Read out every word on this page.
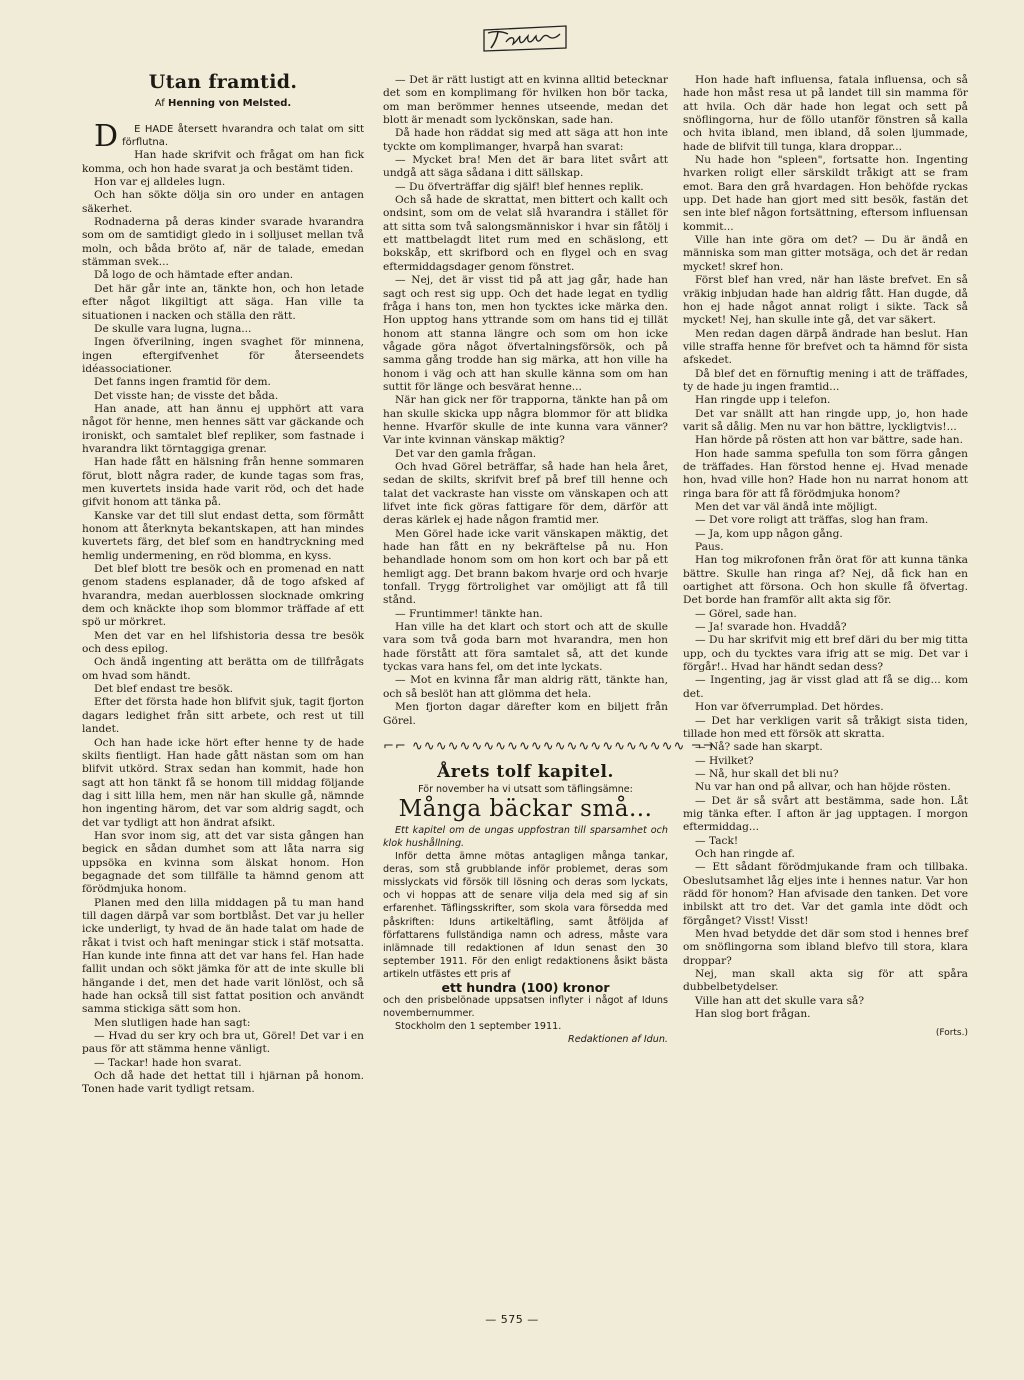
Utan framtid.
Af Henning von Melsted.

D E HADE återsett hvarandra och talat om sitt förflutna.

Han hade skrifvit och frågat om han fick komma, och hon hade svarat ja och bestämt tiden.

Hon var ej alldeles lugn.

Och han sökte dölja sin oro under en antagen säkerhet.

Rodnaderna på deras kinder svarade hvarandra som om de samtidigt gledo in i solljuset mellan två moln, och båda bröto af, när de talade, emedan stämman svek...

Då logo de och hämtade efter andan.

Det här går inte an, tänkte hon, och hon letade efter något likgiltigt att säga. Han ville ta situationen i nacken och ställa den rätt.

De skulle vara lugna, lugna...

Ingen öfverilning, ingen svaghet för minnena, ingen eftergifvenhet för återseendets idéassociationer.

Det fanns ingen framtid för dem.

Det visste han; de visste det båda.

Han anade, att han ännu ej upphört att vara något för henne, men hennes sätt var gäckande och ironiskt, och samtalet blef repliker, som fastnade i hvarandra likt törntaggiga grenar.

Han hade fått en hälsning från henne sommaren förut, blott några rader, de kunde tagas som fras, men kuvertets insida hade varit röd, och det hade gifvit honom att tänka på.

Kanske var det till slut endast detta, som förmått honom att återknyta bekantskapen, att han mindes kuvertets färg, det blef som en handtryckning med hemlig undermening, en röd blomma, en kyss.

Det blef blott tre besök och en promenad en natt genom stadens esplanader, då de togo afsked af hvarandra, medan auerblossen slocknade omkring dem och knäckte ihop som blommor träffade af ett spö ur mörkret.

Men det var en hel lifshistoria dessa tre besök och dess epilog.

Och ändå ingenting att berätta om de tillfrågats om hvad som händt.

Det blef endast tre besök.

Efter det första hade hon blifvit sjuk, tagit fjorton dagars ledighet från sitt arbete, och rest ut till landet.

Och han hade icke hört efter henne ty de hade skilts fientligt. Han hade gått nästan som om han blifvit utkörd. Strax sedan han kommit, hade hon sagt att hon tänkt få se honom till middag följande dag i sitt lilla hem, men när han skulle gå, nämnde hon ingenting härom, det var som aldrig sagdt, och det var tydligt att hon ändrat afsikt.

Han svor inom sig, att det var sista gången han begick en sådan dumhet som att låta narra sig uppsöka en kvinna som älskat honom. Hon begagnade det som tillfälle ta hämnd genom att förödmjuka honom.

Planen med den lilla middagen på tu man hand till dagen därpå var som bortblåst. Det var ju heller icke underligt, ty hvad de än hade talat om hade de råkat i tvist och haft meningar stick i stäf motsatta. Han kunde inte finna att det var hans fel. Han hade fallit undan och sökt jämka för att de inte skulle bli hängande i det, men det hade varit lönlöst, och så hade han också till sist fattat position och användt samma stickiga sätt som hon.

Men slutligen hade han sagt:

— Hvad du ser kry och bra ut, Görel! Det var i en paus för att stämma henne vänligt.

— Tackar! hade hon svarat.

Och då hade det hettat till i hjärnan på honom. Tonen hade varit tydligt retsam.

— Det är rätt lustigt att en kvinna alltid betecknar det som en komplimang för hvilken hon bör tacka, om man berömmer hennes utseende, medan det blott är menadt som lyckönskan, sade han.

Då hade hon räddat sig med att säga att hon inte tyckte om komplimanger, hvarpå han svarat:

— Mycket bra! Men det är bara litet svårt att undgå att säga sådana i ditt sällskap.

— Du öfverträffar dig själf! blef hennes replik.

Och så hade de skrattat, men bittert och kallt och ondsint, som om de velat slå hvarandra i stället för att sitta som två salongsmänniskor i hvar sin fåtölj i ett mattbelagdt litet rum med en schäslong, ett bokskåp, ett skrifbord och en flygel och en svag eftermiddagsdager genom fönstret.

— Nej, det är visst tid på att jag går, hade han sagt och rest sig upp. Och det hade legat en tydlig fråga i hans ton, men hon tycktes icke märka den. Hon upptog hans yttrande som om hans tid ej tillät honom att stanna längre och som om hon icke vågade göra något öfvertalningsförsök, och på samma gång trodde han sig märka, att hon ville ha honom i väg och att han skulle känna som om han suttit för länge och besvärat henne...

När han gick ner för trapporna, tänkte han på om han skulle skicka upp några blommor för att blidka henne. Hvarför skulle de inte kunna vara vänner? Var inte kvinnan vänskap mäktig?

Det var den gamla frågan.

Och hvad Görel beträffar, så hade han hela året, sedan de skilts, skrifvit bref på bref till henne och talat det vackraste han visste om vänskapen och att lifvet inte fick göras fattigare för dem, därför att deras kärlek ej hade någon framtid mer.

Men Görel hade icke varit vänskapen mäktig, det hade han fått en ny bekräftelse på nu. Hon behandlade honom som om hon kort och bar på ett hemligt agg. Det brann bakom hvarje ord och hvarje tonfall. Trygg förtrolighet var omöjligt att få till stånd.

— Fruntimmer! tänkte han.

Han ville ha det klart och stort och att de skulle vara som två goda barn mot hvarandra, men hon hade förstått att föra samtalet så, att det kunde tyckas vara hans fel, om det inte lyckats.

— Mot en kvinna får man aldrig rätt, tänkte han, och så beslöt han att glömma det hela.

Men fjorton dagar därefter kom en biljett från Görel.

⌐⌐ ∿∿∿∿∿∿∿∿∿∿∿∿∿∿∿∿∿∿∿∿∿∿∿ ¬¬
Årets tolf kapitel.
För november ha vi utsatt som täflingsämne:
Många bäckar små...

Ett kapitel om de ungas uppfostran till sparsamhet och klok hushållning.

Inför detta ämne mötas antagligen många tankar, deras, som stå grubblande inför problemet, deras som misslyckats vid försök till lösning och deras som lyckats, och vi hoppas att de senare vilja dela med sig af sin erfarenhet. Täflingsskrifter, som skola vara försedda med påskriften: Iduns artikeltäfling, samt åtföljda af författarens fullständiga namn och adress, måste vara inlämnade till redaktionen af Idun senast den 30 september 1911. För den enligt redaktionens åsikt bästa artikeln utfästes ett pris af

ett hundra (100) kronor

och den prisbelönade uppsatsen inflyter i något af Iduns novembernummer.

Stockholm den 1 september 1911.

Redaktionen af Idun.

Hon hade haft influensa, fatala influensa, och så hade hon måst resa ut på landet till sin mamma för att hvila. Och där hade hon legat och sett på snöflingorna, hur de föllo utanför fönstren så kalla och hvita ibland, men ibland, då solen ljummade, hade de blifvit till tunga, klara droppar...

Nu hade hon "spleen", fortsatte hon. Ingenting hvarken roligt eller särskildt tråkigt att se fram emot. Bara den grå hvardagen. Hon behöfde ryckas upp. Det hade han gjort med sitt besök, fastän det sen inte blef någon fortsättning, eftersom influensan kommit...

Ville han inte göra om det? — Du är ändå en människa som man gitter motsäga, och det är redan mycket! skref hon.

Först blef han vred, när han läste brefvet. En så vräkig inbjudan hade han aldrig fått. Han dugde, då hon ej hade något annat roligt i sikte. Tack så mycket! Nej, han skulle inte gå, det var säkert.

Men redan dagen därpå ändrade han beslut. Han ville straffa henne för brefvet och ta hämnd för sista afskedet.

Då blef det en förnuftig mening i att de träffades, ty de hade ju ingen framtid...

Han ringde upp i telefon.

Det var snällt att han ringde upp, jo, hon hade varit så dålig. Men nu var hon bättre, lyckligtvis!...

Han hörde på rösten att hon var bättre, sade han.

Hon hade samma spefulla ton som förra gången de träffades. Han förstod henne ej. Hvad menade hon, hvad ville hon? Hade hon nu narrat honom att ringa bara för att få förödmjuka honom?

Men det var väl ändå inte möjligt.

— Det vore roligt att träffas, slog han fram.

— Ja, kom upp någon gång.

Paus.

Han tog mikrofonen från örat för att kunna tänka bättre. Skulle han ringa af? Nej, då fick han en oartighet att försona. Och hon skulle få öfvertag. Det borde han framför allt akta sig för.

— Görel, sade han.

— Ja! svarade hon. Hvaddå?

— Du har skrifvit mig ett bref däri du ber mig titta upp, och du tycktes vara ifrig att se mig. Det var i förgår!.. Hvad har händt sedan dess?

— Ingenting, jag är visst glad att få se dig... kom det.

Hon var öfverrumplad. Det hördes.

— Det har verkligen varit så tråkigt sista tiden, tillade hon med ett försök att skratta.

— Nå? sade han skarpt.

— Hvilket?

— Nå, hur skall det bli nu?

Nu var han ond på allvar, och han höjde rösten.

— Det är så svårt att bestämma, sade hon. Låt mig tänka efter. I afton är jag upptagen. I morgon eftermiddag...

— Tack!

Och han ringde af.

— Ett sådant förödmjukande fram och tillbaka. Obeslutsamhet låg eljes inte i hennes natur. Var hon rädd för honom? Han afvisade den tanken. Det vore inbilskt att tro det. Var det gamla inte dödt och förgånget? Visst! Visst!

Men hvad betydde det där som stod i hennes bref om snöflingorna som ibland blefvo till stora, klara droppar?

Nej, man skall akta sig för att spåra dubbelbetydelser.

Ville han att det skulle vara så?

Han slog bort frågan.

(Forts.)
— 575 —
